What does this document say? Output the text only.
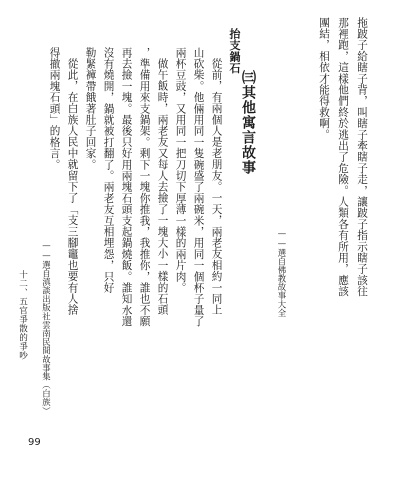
拖跛子給瞎子背，叫瞎子牽瞎子走，讓跛子指示瞎子該往
那裡跑，這樣他們終於逃出了危險。人類各有所用，應該
團結，相依才能得救啊。
——選自佛教故事大全
㈢其他寓言故事
抬支鍋石
從前，有兩個人是老朋友。一天，兩老友相約一同上
山砍柴。他倆用同一隻碗盛了兩碗米，用同一個杯子量了
兩杯豆豉，又用同一把刀切下厚薄一樣的兩片肉。
做午飯時，兩老友又每人去撿了一塊大小一樣的石頭
，準備用來支鍋架。剩下一塊你推我，我推你，誰也不願
再去撿一塊。最後只好用兩塊石頭支起鍋燒飯。誰知水還
沒有燒開，鍋就被打翻了。兩老友互相埋怨，只好
勒緊褲帶餓著肚子回家。
從此，在白族人民中就留下了「支三腳竈也要有人捨
得撤兩塊石頭」的格言。
——選自滇談出版社雲南民間故事集（白族）
十二、五官爭散的爭吵
99
